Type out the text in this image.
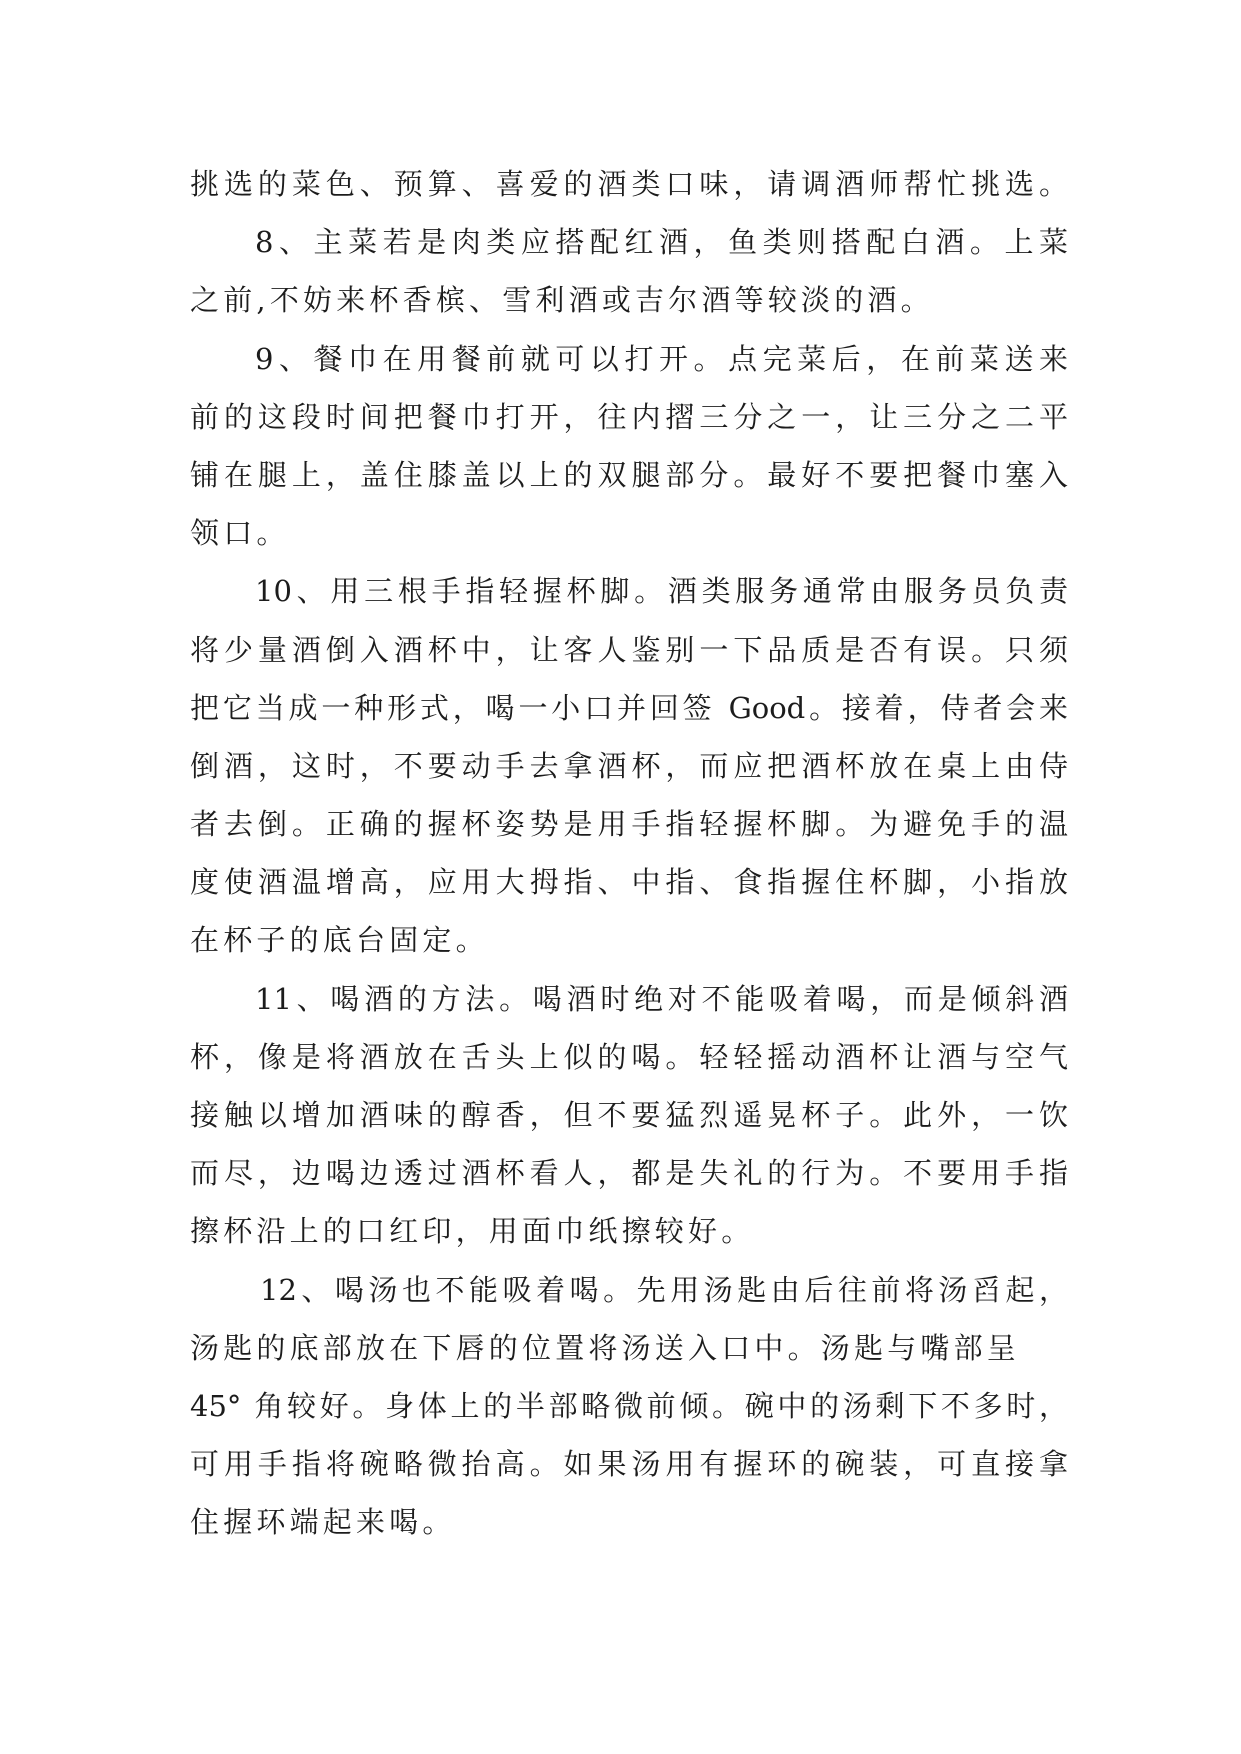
挑选的菜色、预算、喜爱的酒类口味，请调酒师帮忙挑选。
8、主菜若是肉类应搭配红酒，鱼类则搭配白酒。上菜
之前,不妨来杯香槟、雪利酒或吉尔酒等较淡的酒。
9、餐巾在用餐前就可以打开。点完菜后，在前菜送来
前的这段时间把餐巾打开，往内摺三分之一，让三分之二平
铺在腿上，盖住膝盖以上的双腿部分。最好不要把餐巾塞入
领口。
10、用三根手指轻握杯脚。酒类服务通常由服务员负责
将少量酒倒入酒杯中，让客人鉴别一下品质是否有误。只须
把它当成一种形式，喝一小口并回签 Good。接着，侍者会来
倒酒，这时，不要动手去拿酒杯，而应把酒杯放在桌上由侍
者去倒。正确的握杯姿势是用手指轻握杯脚。为避免手的温
度使酒温增高，应用大拇指、中指、食指握住杯脚，小指放
在杯子的底台固定。
11、喝酒的方法。喝酒时绝对不能吸着喝，而是倾斜酒
杯，像是将酒放在舌头上似的喝。轻轻摇动酒杯让酒与空气
接触以增加酒味的醇香，但不要猛烈遥晃杯子。此外，一饮
而尽，边喝边透过酒杯看人，都是失礼的行为。不要用手指
擦杯沿上的口红印，用面巾纸擦较好。
12、喝汤也不能吸着喝。先用汤匙由后往前将汤舀起，
汤匙的底部放在下唇的位置将汤送入口中。汤匙与嘴部呈
45° 角较好。身体上的半部略微前倾。碗中的汤剩下不多时，
可用手指将碗略微抬高。如果汤用有握环的碗装，可直接拿
住握环端起来喝。
